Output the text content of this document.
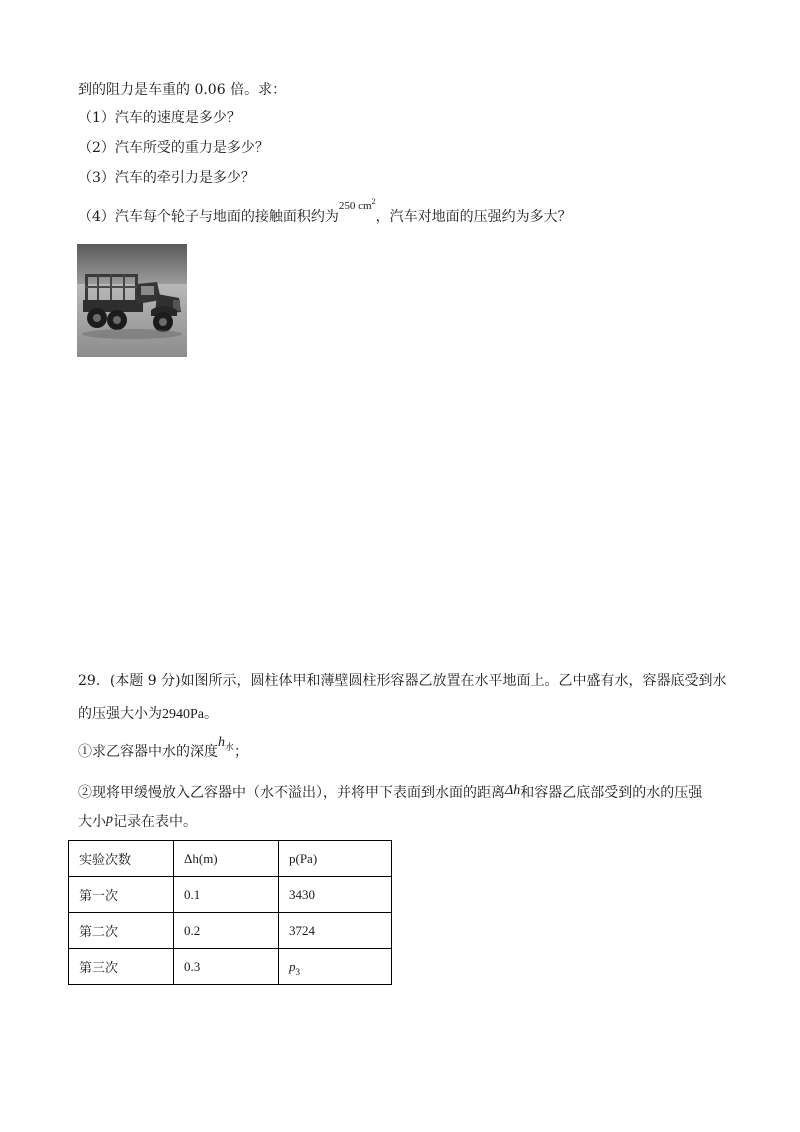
到的阻力是车重的 0.06 倍。求：
（1）汽车的速度是多少？
（2）汽车所受的重力是多少？
（3）汽车的牵引力是多少？
（4）汽车每个轮子与地面的接触面积约为$^{250 cm^2}$，汽车对地面的压强约为多大？
29．(本题 9 分)如图所示，圆柱体甲和薄壁圆柱形容器乙放置在水平地面上。乙中盛有水，容器底受到水
的压强大小为2940Pa。
①求乙容器中水的深度$h_水$；
②现将甲缓慢放入乙容器中（水不溢出），并将甲下表面到水面的距离Δh和容器乙底部受到的水的压强
大小p记录在表中。
实验次数	Δh(m)	p(Pa)
第一次	0.1	3430
第二次	0.2	3724
第三次	0.3	$p_3$
